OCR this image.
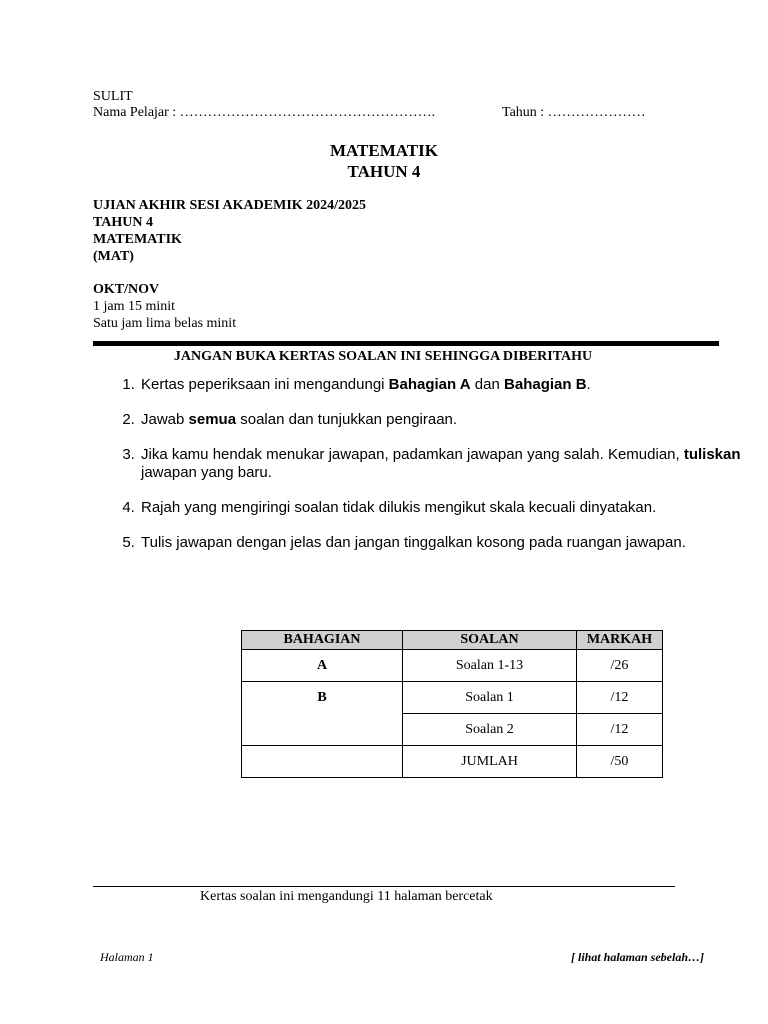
SULIT
Nama Pelajar : ……………………………………………….	Tahun : …………………
MATEMATIK
TAHUN 4
UJIAN AKHIR SESI AKADEMIK 2024/2025
TAHUN 4
MATEMATIK
(MAT)
OKT/NOV
1 jam 15 minit
Satu jam lima belas minit
JANGAN BUKA KERTAS SOALAN INI SEHINGGA DIBERITAHU
1. Kertas peperiksaan ini mengandungi Bahagian A dan Bahagian B.
2. Jawab semua soalan dan tunjukkan pengiraan.
3. Jika kamu hendak menukar jawapan, padamkan jawapan yang salah. Kemudian, tuliskan jawapan yang baru.
4. Rajah yang mengiringi soalan tidak dilukis mengikut skala kecuali dinyatakan.
5. Tulis jawapan dengan jelas dan jangan tinggalkan kosong pada ruangan jawapan.
BAHAGIAN	SOALAN	MARKAH
A	Soalan 1-13	/26
B	Soalan 1	/12
	Soalan 2	/12
	JUMLAH	/50
Kertas soalan ini mengandungi 11 halaman bercetak
Halaman 1	[ lihat halaman sebelah…]
